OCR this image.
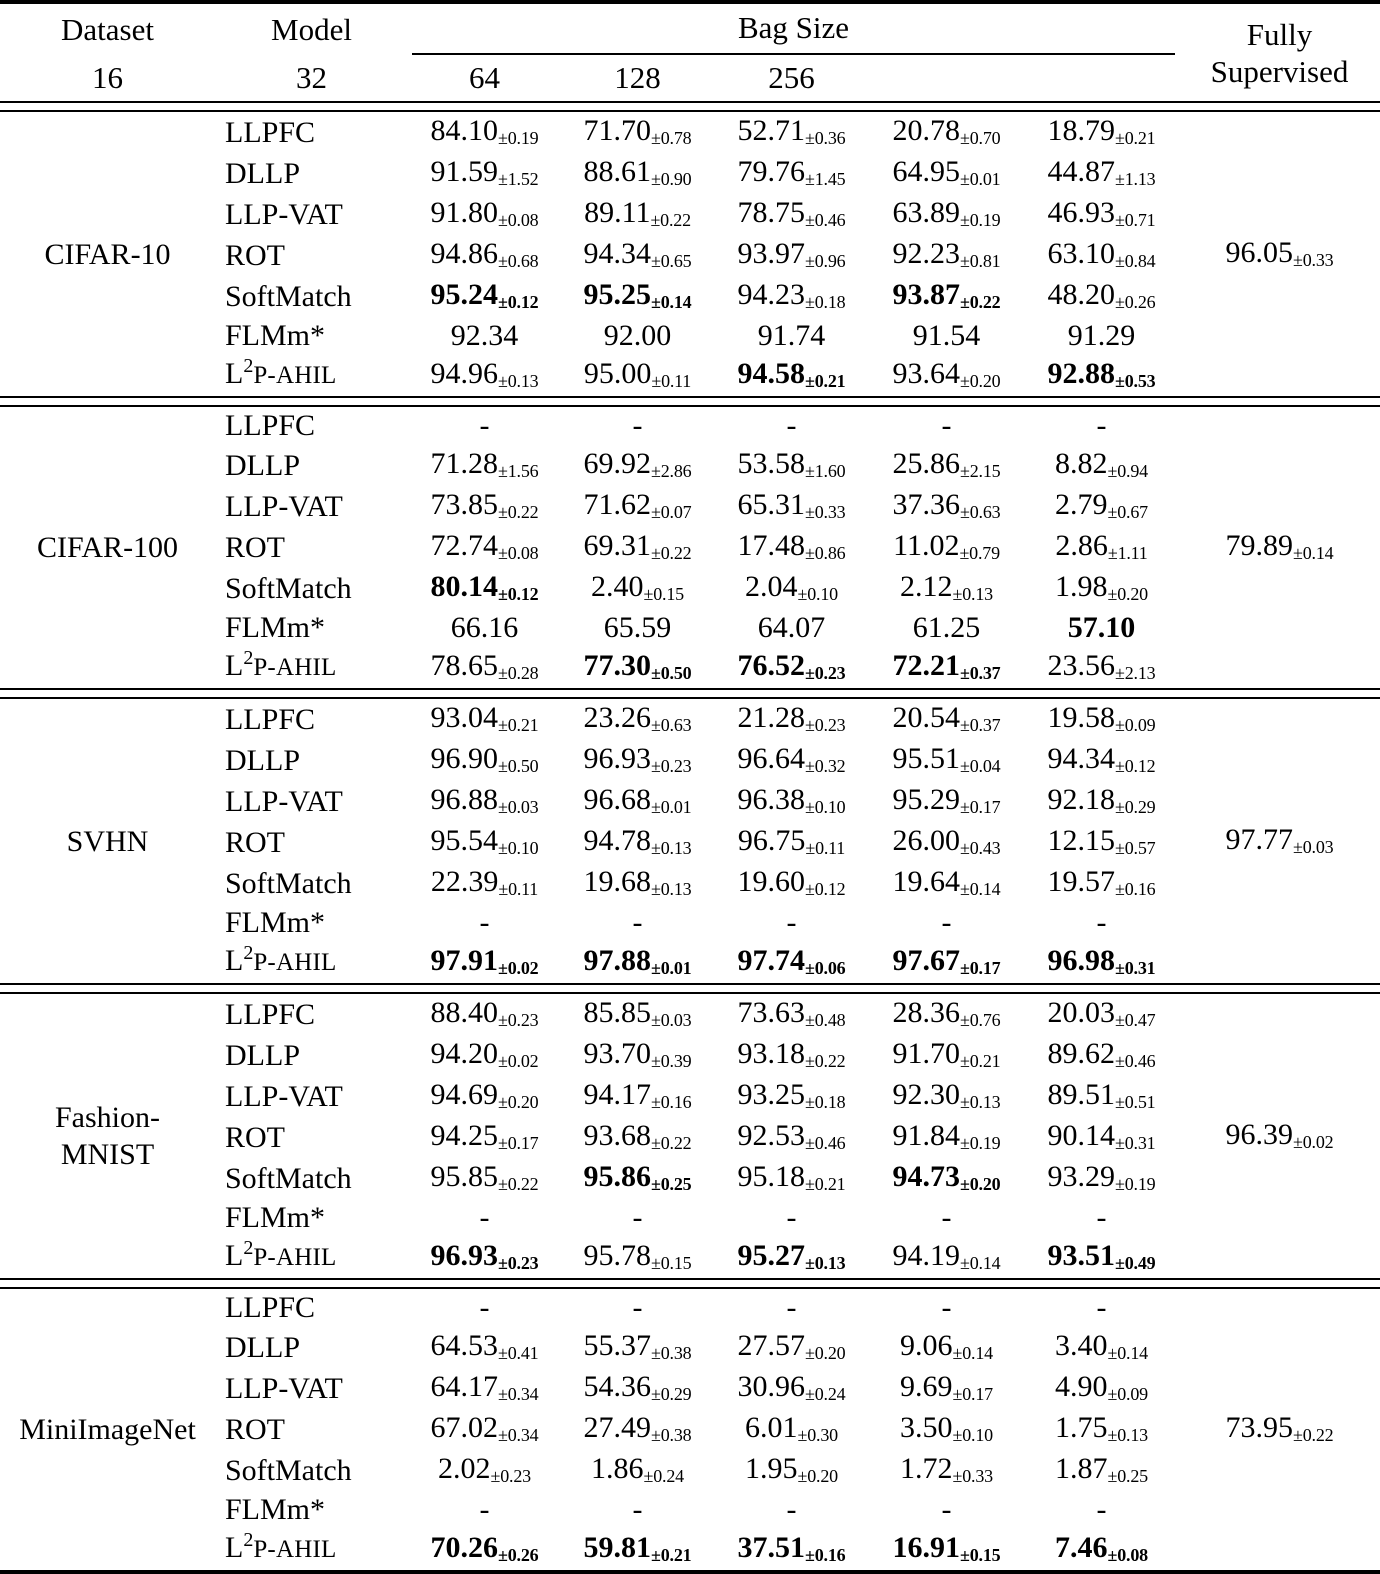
Dataset	Model	Bag Size					Fully
Supervised

16	32	64	128	256			

CIFAR-10	LLPFC	84.10±0.19	71.70±0.78	52.71±0.36	20.78±0.70	18.79±0.21	96.05±0.33
	DLLP	91.59±1.52	88.61±0.90	79.76±1.45	64.95±0.01	44.87±1.13	
	LLP-VAT	91.80±0.08	89.11±0.22	78.75±0.46	63.89±0.19	46.93±0.71	
	ROT	94.86±0.68	94.34±0.65	93.97±0.96	92.23±0.81	63.10±0.84	
	SoftMatch	95.24±0.12	95.25±0.14	94.23±0.18	93.87±0.22	48.20±0.26	
	FLMm*	92.34	92.00	91.74	91.54	91.29	
	$L^2P$-AHIL	94.96±0.13	95.00±0.11	94.58±0.21	93.64±0.20	92.88±0.53	

CIFAR-100	LLPFC	-	-	-	-	-	79.89±0.14
	DLLP	71.28±1.56	69.92±2.86	53.58±1.60	25.86±2.15	8.82±0.94	
	LLP-VAT	73.85±0.22	71.62±0.07	65.31±0.33	37.36±0.63	2.79±0.67	
	ROT	72.74±0.08	69.31±0.22	17.48±0.86	11.02±0.79	2.86±1.11	
	SoftMatch	80.14±0.12	2.40±0.15	2.04±0.10	2.12±0.13	1.98±0.20	
	FLMm*	66.16	65.59	64.07	61.25	57.10	
	$L^2P$-AHIL	78.65±0.28	77.30±0.50	76.52±0.23	72.21±0.37	23.56±2.13	

SVHN	LLPFC	93.04±0.21	23.26±0.63	21.28±0.23	20.54±0.37	19.58±0.09	97.77±0.03
	DLLP	96.90±0.50	96.93±0.23	96.64±0.32	95.51±0.04	94.34±0.12	
	LLP-VAT	96.88±0.03	96.68±0.01	96.38±0.10	95.29±0.17	92.18±0.29	
	ROT	95.54±0.10	94.78±0.13	96.75±0.11	26.00±0.43	12.15±0.57	
	SoftMatch	22.39±0.11	19.68±0.13	19.60±0.12	19.64±0.14	19.57±0.16	
	FLMm*	-	-	-	-	-	
	$L^2P$-AHIL	97.91±0.02	97.88±0.01	97.74±0.06	97.67±0.17	96.98±0.31	

Fashion-
MNIST	LLPFC	88.40±0.23	85.85±0.03	73.63±0.48	28.36±0.76	20.03±0.47	96.39±0.02
	DLLP	94.20±0.02	93.70±0.39	93.18±0.22	91.70±0.21	89.62±0.46	
	LLP-VAT	94.69±0.20	94.17±0.16	93.25±0.18	92.30±0.13	89.51±0.51	
	ROT	94.25±0.17	93.68±0.22	92.53±0.46	91.84±0.19	90.14±0.31	
	SoftMatch	95.85±0.22	95.86±0.25	95.18±0.21	94.73±0.20	93.29±0.19	
	FLMm*	-	-	-	-	-	
	$L^2P$-AHIL	96.93±0.23	95.78±0.15	95.27±0.13	94.19±0.14	93.51±0.49	

MiniImageNet	LLPFC	-	-	-	-	-	73.95±0.22
	DLLP	64.53±0.41	55.37±0.38	27.57±0.20	9.06±0.14	3.40±0.14	
	LLP-VAT	64.17±0.34	54.36±0.29	30.96±0.24	9.69±0.17	4.90±0.09	
	ROT	67.02±0.34	27.49±0.38	6.01±0.30	3.50±0.10	1.75±0.13	
	SoftMatch	2.02±0.23	1.86±0.24	1.95±0.20	1.72±0.33	1.87±0.25	
	FLMm*	-	-	-	-	-	
	$L^2P$-AHIL	70.26±0.26	59.81±0.21	37.51±0.16	16.91±0.15	7.46±0.08	
